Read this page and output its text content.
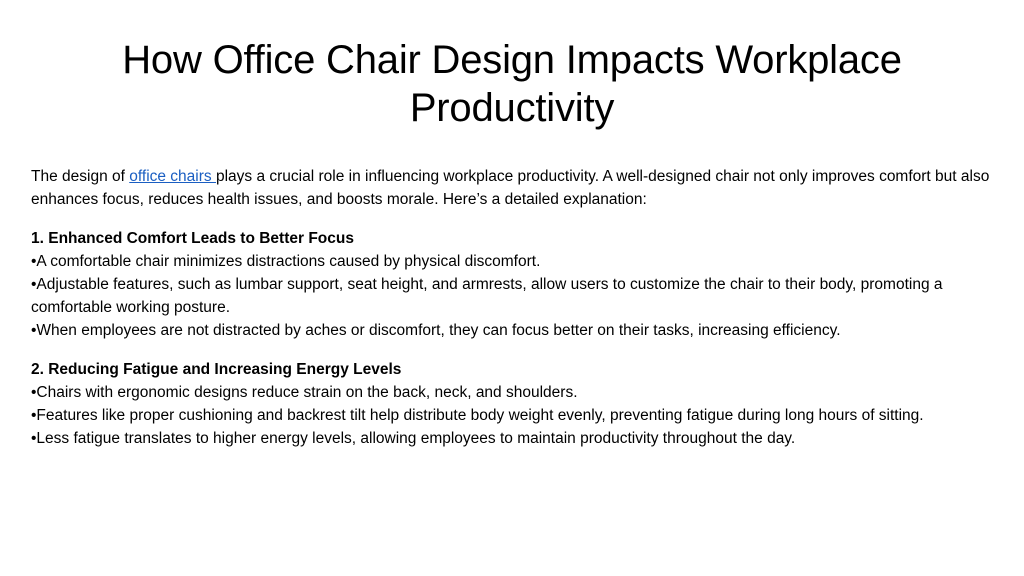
How Office Chair Design Impacts Workplace Productivity

The design of office chairs plays a crucial role in influencing workplace productivity. A well-designed chair not only improves comfort but also enhances focus, reduces health issues, and boosts morale. Here’s a detailed explanation:

1. Enhanced Comfort Leads to Better Focus
•A comfortable chair minimizes distractions caused by physical discomfort.
•Adjustable features, such as lumbar support, seat height, and armrests, allow users to customize the chair to their body, promoting a comfortable working posture.
•When employees are not distracted by aches or discomfort, they can focus better on their tasks, increasing efficiency.
2. Reducing Fatigue and Increasing Energy Levels
•Chairs with ergonomic designs reduce strain on the back, neck, and shoulders.
•Features like proper cushioning and backrest tilt help distribute body weight evenly, preventing fatigue during long hours of sitting.
•Less fatigue translates to higher energy levels, allowing employees to maintain productivity throughout the day.
